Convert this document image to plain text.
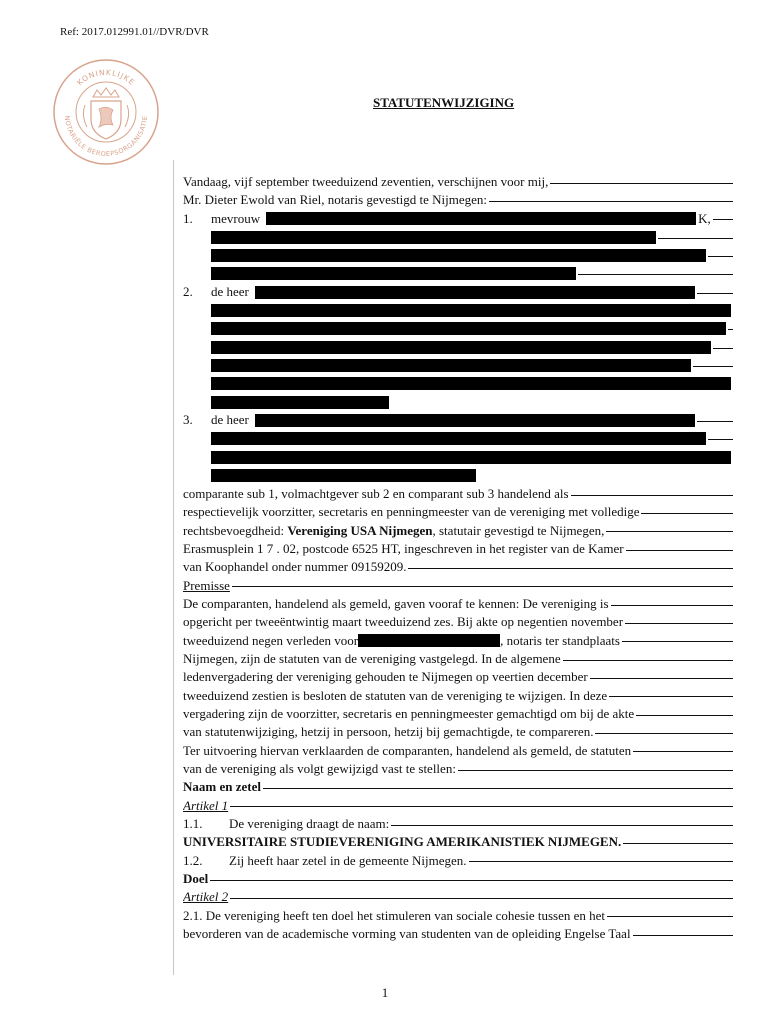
Ref: 2017.012991.01//DVR/DVR
KONINKLIJKE
NOTARIËLE BEROEPSORGANISATIE
STATUTENWIJZIGING
Vandaag, vijf september tweeduizend zeventien, verschijnen voor mij,
Mr. Dieter Ewold van Riel, notaris gevestigd te Nijmegen:
1. mevrouw	K,
2. de heer
3. de heer
comparante sub 1, volmachtgever sub 2 en comparant sub 3 handelend als
respectievelijk voorzitter, secretaris en penningmeester van de vereniging met volledige
rechtsbevoegdheid: Vereniging USA Nijmegen, statutair gevestigd te Nijmegen,
Erasmusplein 1 7 . 02, postcode 6525 HT, ingeschreven in het register van de Kamer
van Koophandel onder nummer 09159209.
Premisse
De comparanten, handelend als gemeld, gaven vooraf te kennen: De vereniging is
opgericht per tweeëntwintig maart tweeduizend zes. Bij akte op negentien november
tweeduizend negen verleden voor	, notaris ter standplaats
Nijmegen, zijn de statuten van de vereniging vastgelegd. In de algemene
ledenvergadering der vereniging gehouden te Nijmegen op veertien december
tweeduizend zestien is besloten de statuten van de vereniging te wijzigen. In deze
vergadering zijn de voorzitter, secretaris en penningmeester gemachtigd om bij de akte
van statutenwijziging, hetzij in persoon, hetzij bij gemachtigde, te compareren.
Ter uitvoering hiervan verklaarden de comparanten, handelend als gemeld, de statuten
van de vereniging als volgt gewijzigd vast te stellen:
Naam en zetel
Artikel 1
1.1. De vereniging draagt de naam:
UNIVERSITAIRE STUDIEVERENIGING AMERIKANISTIEK NIJMEGEN.
1.2. Zij heeft haar zetel in de gemeente Nijmegen.
Doel
Artikel 2
2.1. De vereniging heeft ten doel het stimuleren van sociale cohesie tussen en het
bevorderen van de academische vorming van studenten van de opleiding Engelse Taal
1
